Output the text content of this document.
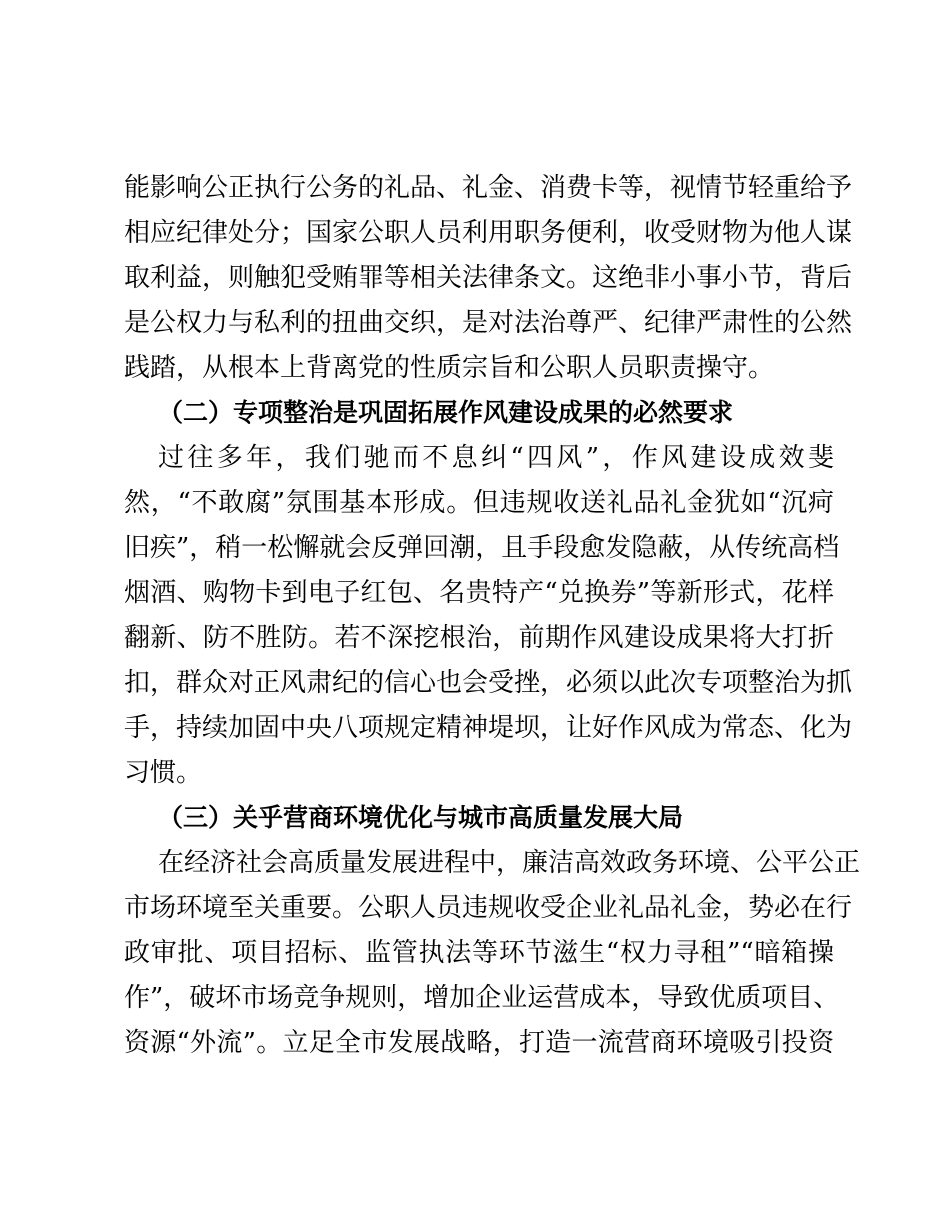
能影响公正执行公务的礼品、礼金、消费卡等，视情节轻重给予
相应纪律处分；国家公职人员利用职务便利，收受财物为他人谋
取利益，则触犯受贿罪等相关法律条文。这绝非小事小节，背后
是公权力与私利的扭曲交织，是对法治尊严、纪律严肃性的公然
践踏，从根本上背离党的性质宗旨和公职人员职责操守。
（二）专项整治是巩固拓展作风建设成果的必然要求
过往多年，我们驰而不息纠“四风”，作风建设成效斐
然，“不敢腐”氛围基本形成。但违规收送礼品礼金犹如“沉疴
旧疾”，稍一松懈就会反弹回潮，且手段愈发隐蔽，从传统高档
烟酒、购物卡到电子红包、名贵特产“兑换券”等新形式，花样
翻新、防不胜防。若不深挖根治，前期作风建设成果将大打折
扣，群众对正风肃纪的信心也会受挫，必须以此次专项整治为抓
手，持续加固中央八项规定精神堤坝，让好作风成为常态、化为
习惯。
（三）关乎营商环境优化与城市高质量发展大局
在经济社会高质量发展进程中，廉洁高效政务环境、公平公正
市场环境至关重要。公职人员违规收受企业礼品礼金，势必在行
政审批、项目招标、监管执法等环节滋生“权力寻租”“暗箱操
作”，破坏市场竞争规则，增加企业运营成本，导致优质项目、
资源“外流”。立足全市发展战略，打造一流营商环境吸引投资
